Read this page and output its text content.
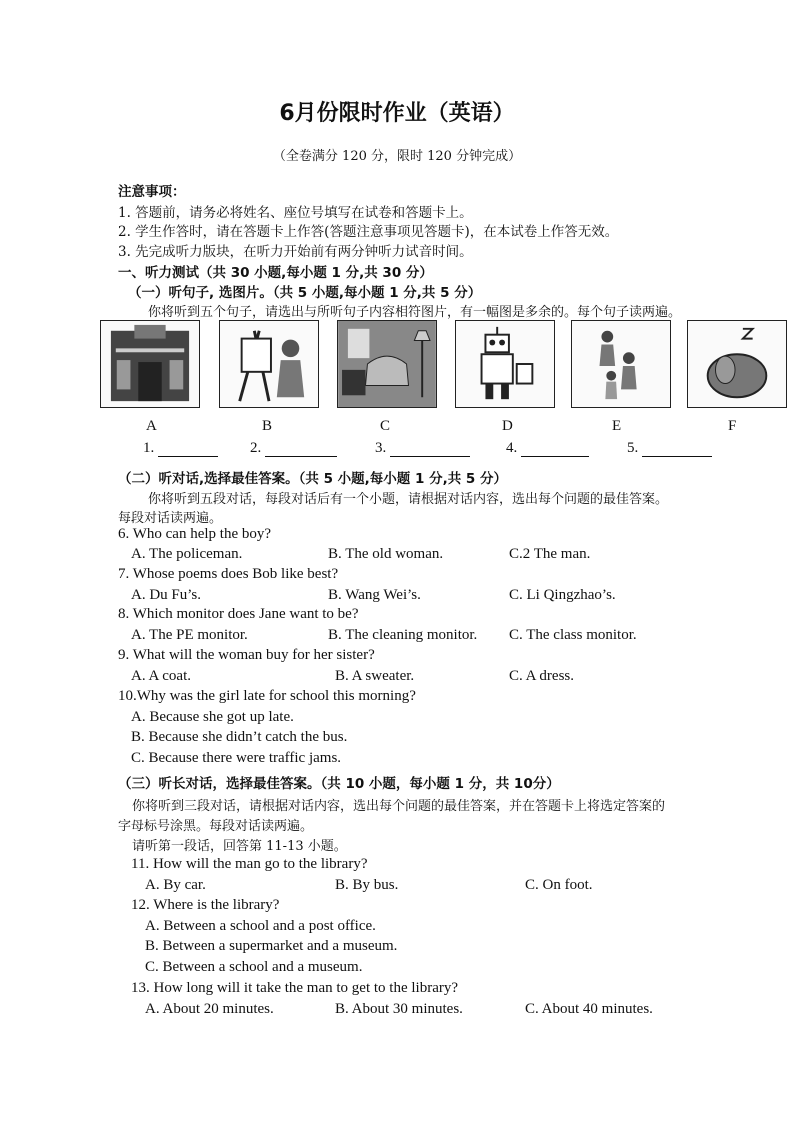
6月份限时作业（英语）
（全卷满分 120 分，限时 120 分钟完成）
注意事项：
1. 答题前，请务必将姓名、座位号填写在试卷和答题卡上。
2. 学生作答时，请在答题卡上作答(答题注意事项见答题卡)，在本试卷上作答无效。
3. 先完成听力版块，在听力开始前有两分钟听力试音时间。
一、听力测试（共 30 小题,每小题 1 分,共 30 分）
（一）听句子, 选图片。（共 5 小题,每小题 1 分,共 5 分）
你将听到五个句子，请选出与所听句子内容相符图片，有一幅图是多余的。每个句子读两遍。
A	B	C	D	E	F
1.	2.	3.	4.	5.
（二）听对话,选择最佳答案。（共 5 小题,每小题 1 分,共 5 分）
你将听到五段对话，每段对话后有一个小题，请根据对话内容，选出每个问题的最佳答案。
每段对话读两遍。
6. Who can help the boy?
A. The policeman.	B. The old woman.	C.2 The man.
7. Whose poems does Bob like best?
A. Du Fu’s.	B. Wang Wei’s.	C. Li Qingzhao’s.
8. Which monitor does Jane want to be?
A. The PE monitor.	B. The cleaning monitor. C. The class monitor.
9. What will the woman buy for her sister?
A. A coat.	B. A sweater.	C. A dress.
10.Why was the girl late for school this morning?
A. Because she got up late.
B. Because she didn’t catch the bus.
C. Because there were traffic jams.
（三）听长对话，选择最佳答案。（共 10 小题，每小题 1 分，共 10分）
你将听到三段对话，请根据对话内容，选出每个问题的最佳答案，并在答题卡上将选定答案的
字母标号涂黑。每段对话读两遍。
请听第一段话，回答第 11-13 小题。
11. How will the man go to the library?
A. By car.	B. By bus.	C. On foot.
12. Where is the library?
A. Between a school and a post office.
B. Between a supermarket and a museum.
C. Between a school and a museum.
13. How long will it take the man to get to the library?
A. About 20 minutes.	B. About 30 minutes.	C. About 40 minutes.
